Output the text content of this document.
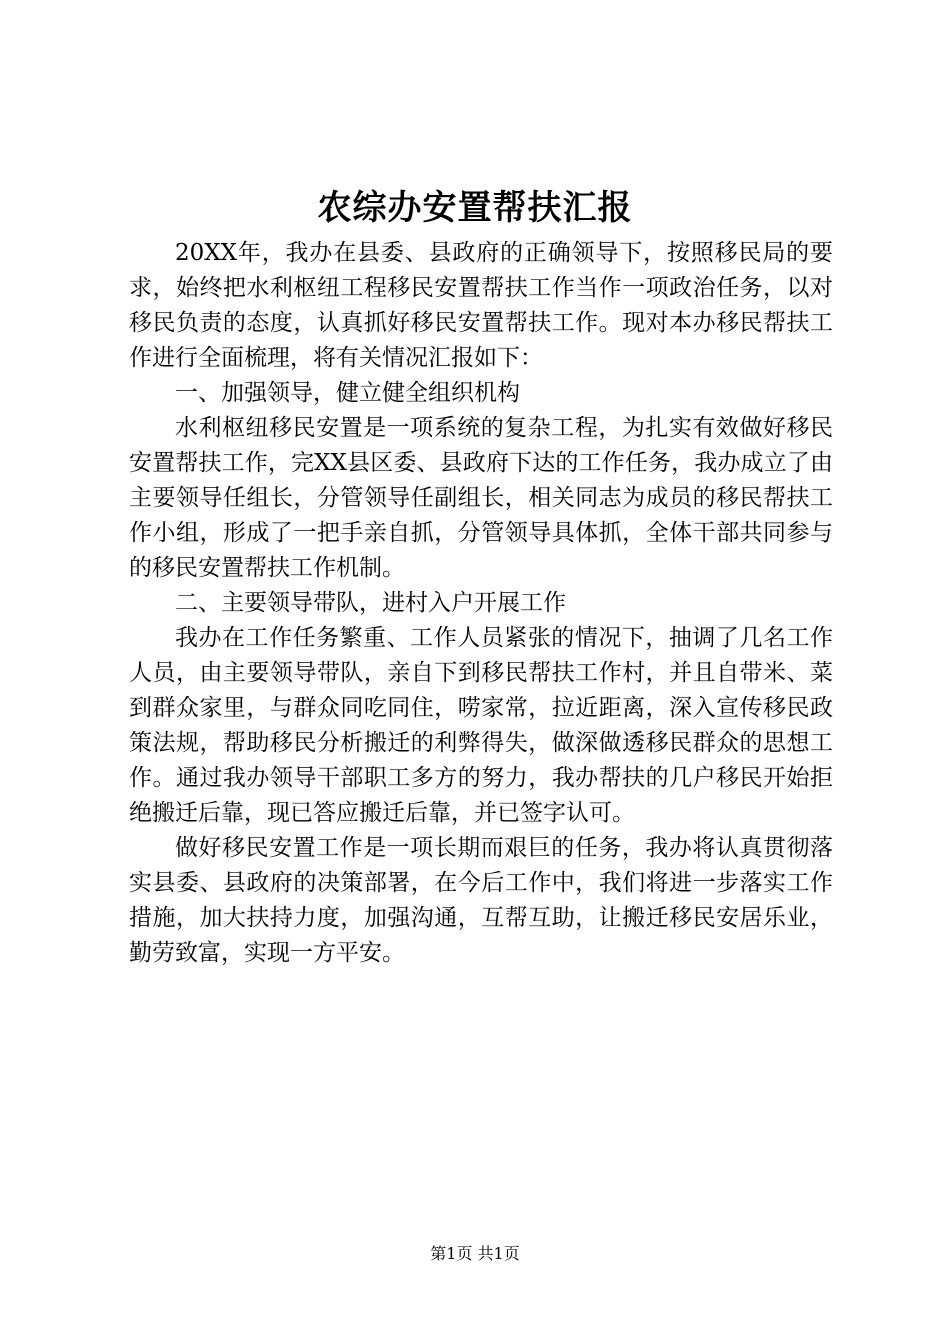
农综办安置帮扶汇报

20XX年，我办在县委、县政府的正确领导下，按照移民局的要求，始终把水利枢纽工程移民安置帮扶工作当作一项政治任务，以对移民负责的态度，认真抓好移民安置帮扶工作。现对本办移民帮扶工作进行全面梳理，将有关情况汇报如下：

一、加强领导，健立健全组织机构

水利枢纽移民安置是一项系统的复杂工程，为扎实有效做好移民安置帮扶工作，完XX县区委、县政府下达的工作任务，我办成立了由主要领导任组长，分管领导任副组长，相关同志为成员的移民帮扶工作小组，形成了一把手亲自抓，分管领导具体抓，全体干部共同参与的移民安置帮扶工作机制。

二、主要领导带队，进村入户开展工作

我办在工作任务繁重、工作人员紧张的情况下，抽调了几名工作人员，由主要领导带队，亲自下到移民帮扶工作村，并且自带米、菜到群众家里，与群众同吃同住，唠家常，拉近距离，深入宣传移民政策法规，帮助移民分析搬迁的利弊得失，做深做透移民群众的思想工作。通过我办领导干部职工多方的努力，我办帮扶的几户移民开始拒绝搬迁后靠，现已答应搬迁后靠，并已签字认可。

做好移民安置工作是一项长期而艰巨的任务，我办将认真贯彻落实县委、县政府的决策部署，在今后工作中，我们将进一步落实工作措施，加大扶持力度，加强沟通，互帮互助，让搬迁移民安居乐业，勤劳致富，实现一方平安。

第1页 共1页
